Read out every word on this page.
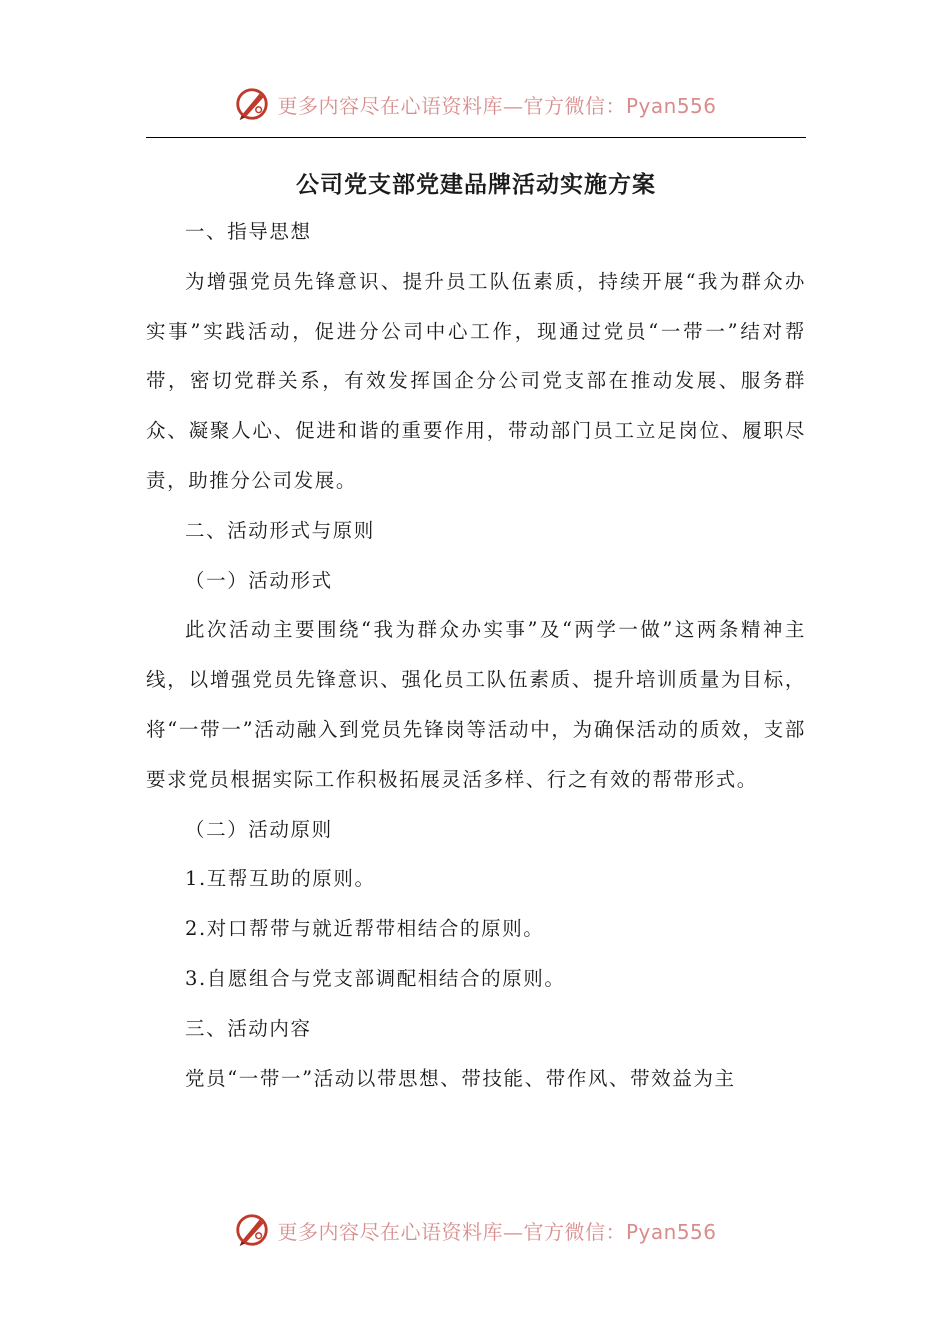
更多内容尽在心语资料库—官方微信：Pyan556
公司党支部党建品牌活动实施方案

一、指导思想

为增强党员先锋意识、提升员工队伍素质，持续开展“我为群众办实事”实践活动，促进分公司中心工作，现通过党员“一带一”结对帮带，密切党群关系，有效发挥国企分公司党支部在推动发展、服务群众、凝聚人心、促进和谐的重要作用，带动部门员工立足岗位、履职尽责，助推分公司发展。

二、活动形式与原则

（一）活动形式

此次活动主要围绕“我为群众办实事”及“两学一做”这两条精神主线，以增强党员先锋意识、强化员工队伍素质、提升培训质量为目标，将“一带一”活动融入到党员先锋岗等活动中，为确保活动的质效，支部要求党员根据实际工作积极拓展灵活多样、行之有效的帮带形式。

（二）活动原则

1.互帮互助的原则。

2.对口帮带与就近帮带相结合的原则。

3.自愿组合与党支部调配相结合的原则。

三、活动内容

党员“一带一”活动以带思想、带技能、带作风、带效益为主

更多内容尽在心语资料库—官方微信：Pyan556
